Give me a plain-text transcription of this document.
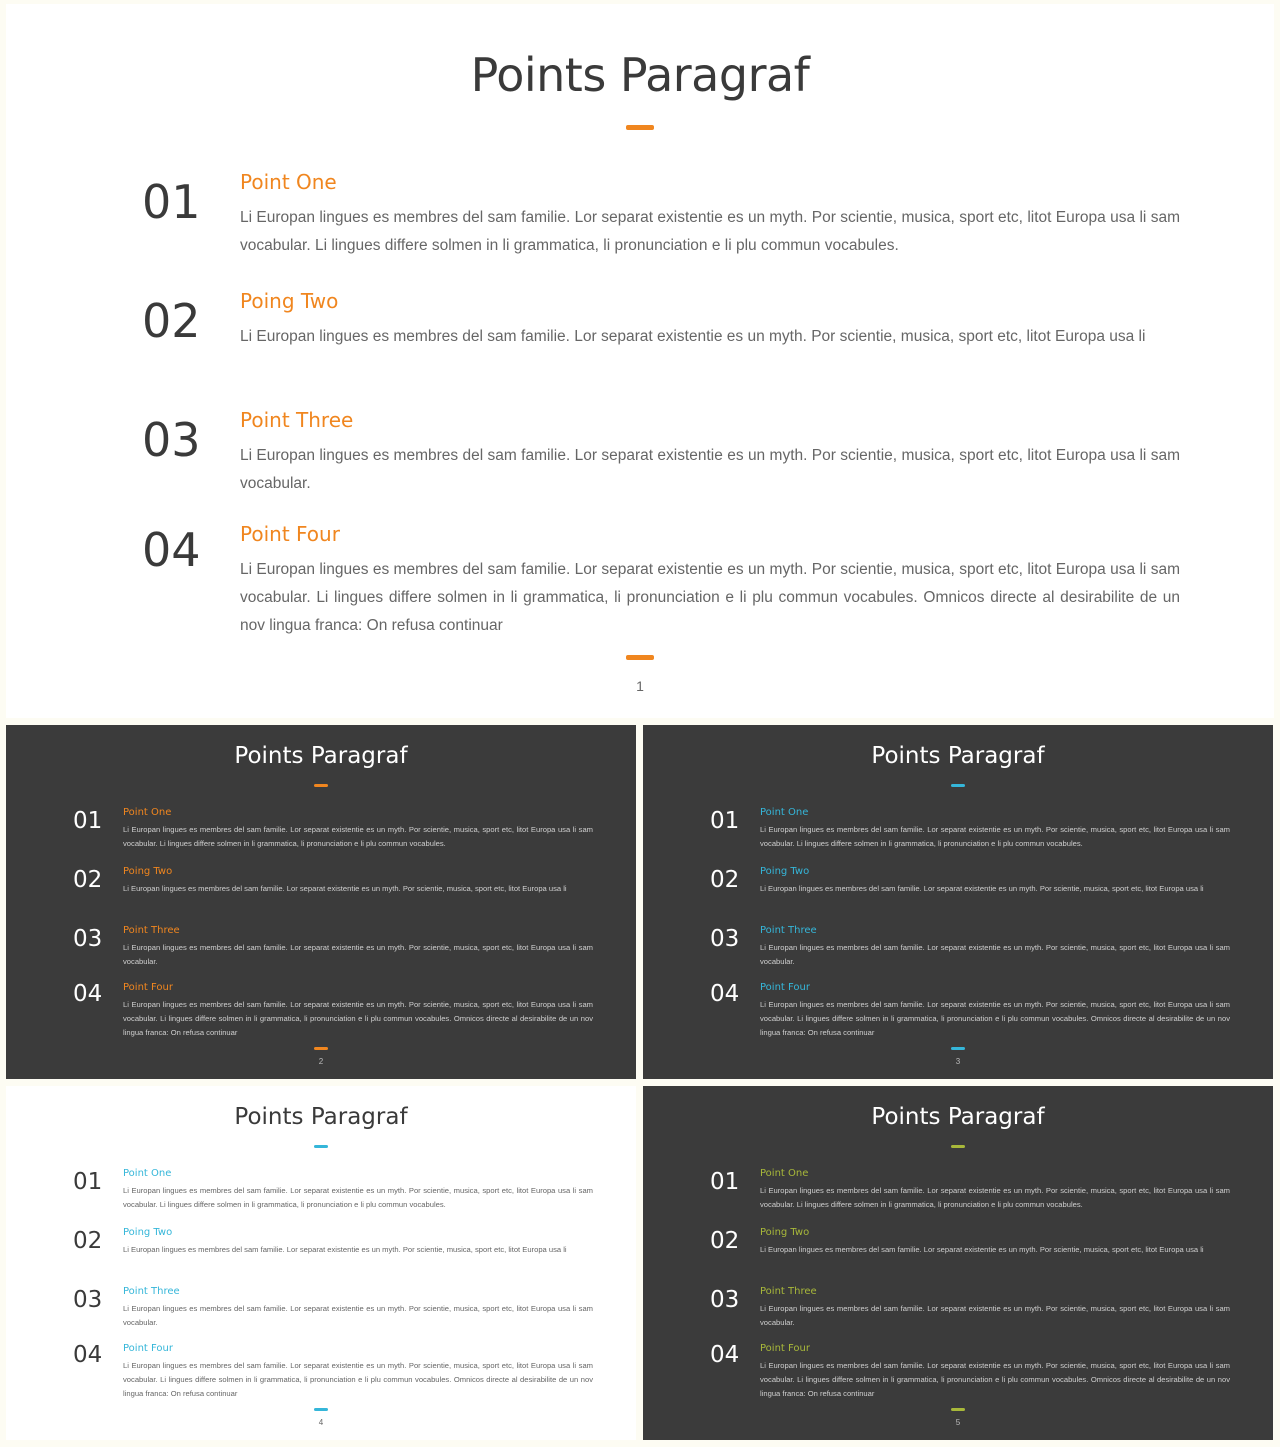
Points Paragraf
01 Point One
Li Europan lingues es membres del sam familie. Lor separat existentie es un myth. Por scientie, musica, sport etc, litot Europa usa li sam vocabular. Li lingues differe solmen in li grammatica, li pronunciation e li plu commun vocabules.
02 Poing Two
Li Europan lingues es membres del sam familie. Lor separat existentie es un myth. Por scientie, musica, sport etc, litot Europa usa li
03 Point Three
Li Europan lingues es membres del sam familie. Lor separat existentie es un myth. Por scientie, musica, sport etc, litot Europa usa li sam vocabular.
04 Point Four
Li Europan lingues es membres del sam familie. Lor separat existentie es un myth. Por scientie, musica, sport etc, litot Europa usa li sam vocabular. Li lingues differe solmen in li grammatica, li pronunciation e li plu commun vocabules. Omnicos directe al desirabilite de un nov lingua franca: On refusa continuar
1
Points Paragraf
01 Point One
Li Europan lingues es membres del sam familie. Lor separat existentie es un myth. Por scientie, musica, sport etc, litot Europa usa li sam vocabular. Li lingues differe solmen in li grammatica, li pronunciation e li plu commun vocabules.
02 Poing Two
Li Europan lingues es membres del sam familie. Lor separat existentie es un myth. Por scientie, musica, sport etc, litot Europa usa li
03 Point Three
Li Europan lingues es membres del sam familie. Lor separat existentie es un myth. Por scientie, musica, sport etc, litot Europa usa li sam vocabular.
04 Point Four
Li Europan lingues es membres del sam familie. Lor separat existentie es un myth. Por scientie, musica, sport etc, litot Europa usa li sam vocabular. Li lingues differe solmen in li grammatica, li pronunciation e li plu commun vocabules. Omnicos directe al desirabilite de un nov lingua franca: On refusa continuar
2
Points Paragraf
01 Point One
Li Europan lingues es membres del sam familie. Lor separat existentie es un myth. Por scientie, musica, sport etc, litot Europa usa li sam vocabular. Li lingues differe solmen in li grammatica, li pronunciation e li plu commun vocabules.
02 Poing Two
Li Europan lingues es membres del sam familie. Lor separat existentie es un myth. Por scientie, musica, sport etc, litot Europa usa li
03 Point Three
Li Europan lingues es membres del sam familie. Lor separat existentie es un myth. Por scientie, musica, sport etc, litot Europa usa li sam vocabular.
04 Point Four
Li Europan lingues es membres del sam familie. Lor separat existentie es un myth. Por scientie, musica, sport etc, litot Europa usa li sam vocabular. Li lingues differe solmen in li grammatica, li pronunciation e li plu commun vocabules. Omnicos directe al desirabilite de un nov lingua franca: On refusa continuar
3
Points Paragraf
01 Point One
Li Europan lingues es membres del sam familie. Lor separat existentie es un myth. Por scientie, musica, sport etc, litot Europa usa li sam vocabular. Li lingues differe solmen in li grammatica, li pronunciation e li plu commun vocabules.
02 Poing Two
Li Europan lingues es membres del sam familie. Lor separat existentie es un myth. Por scientie, musica, sport etc, litot Europa usa li
03 Point Three
Li Europan lingues es membres del sam familie. Lor separat existentie es un myth. Por scientie, musica, sport etc, litot Europa usa li sam vocabular.
04 Point Four
Li Europan lingues es membres del sam familie. Lor separat existentie es un myth. Por scientie, musica, sport etc, litot Europa usa li sam vocabular. Li lingues differe solmen in li grammatica, li pronunciation e li plu commun vocabules. Omnicos directe al desirabilite de un nov lingua franca: On refusa continuar
4
Points Paragraf
01 Point One
Li Europan lingues es membres del sam familie. Lor separat existentie es un myth. Por scientie, musica, sport etc, litot Europa usa li sam vocabular. Li lingues differe solmen in li grammatica, li pronunciation e li plu commun vocabules.
02 Poing Two
Li Europan lingues es membres del sam familie. Lor separat existentie es un myth. Por scientie, musica, sport etc, litot Europa usa li
03 Point Three
Li Europan lingues es membres del sam familie. Lor separat existentie es un myth. Por scientie, musica, sport etc, litot Europa usa li sam vocabular.
04 Point Four
Li Europan lingues es membres del sam familie. Lor separat existentie es un myth. Por scientie, musica, sport etc, litot Europa usa li sam vocabular. Li lingues differe solmen in li grammatica, li pronunciation e li plu commun vocabules. Omnicos directe al desirabilite de un nov lingua franca: On refusa continuar
5
